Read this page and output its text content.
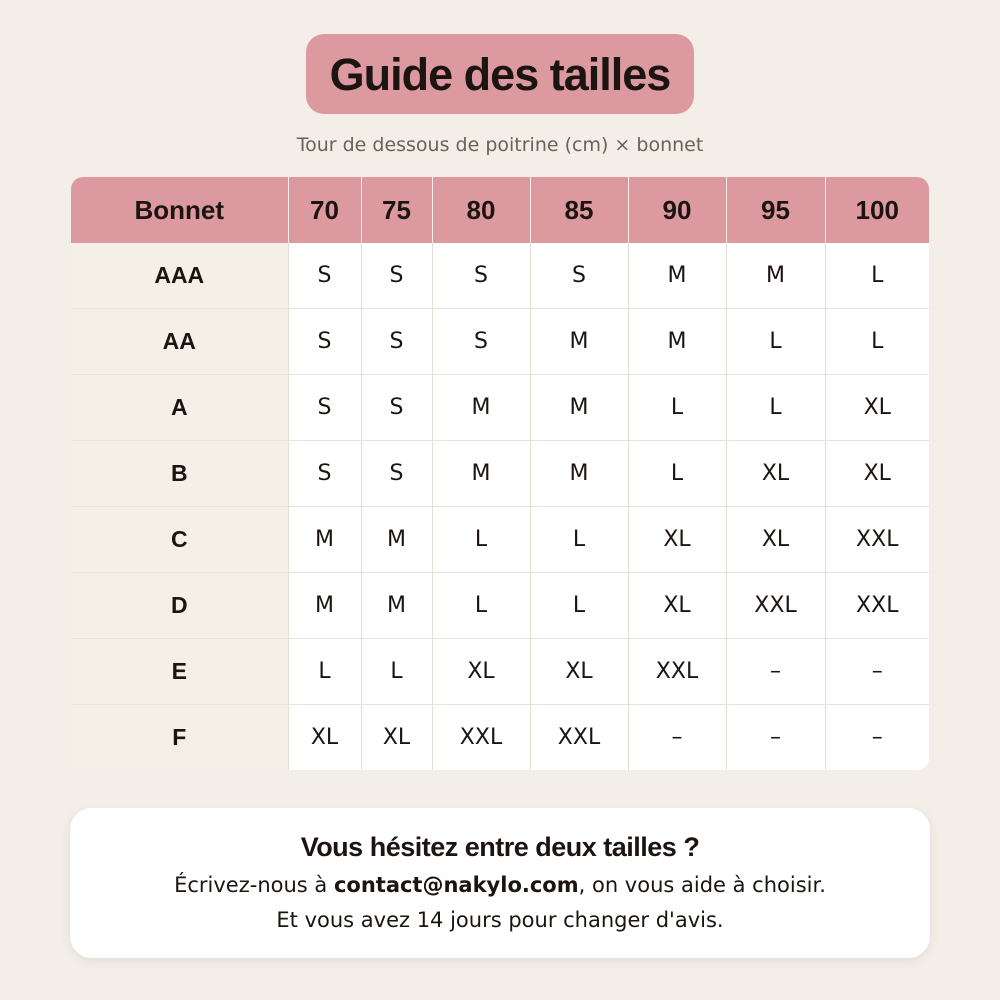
Guide des tailles
Tour de dessous de poitrine (cm) × bonnet
Bonnet	70	75	80	85	90	95	100
AAA	S	S	S	S	M	M	L
AA	S	S	S	M	M	L	L
A	S	S	M	M	L	L	XL
B	S	S	M	M	L	XL	XL
C	M	M	L	L	XL	XL	XXL
D	M	M	L	L	XL	XXL	XXL
E	L	L	XL	XL	XXL	–	–
F	XL	XL	XXL	XXL	–	–	–
Vous hésitez entre deux tailles ?
Écrivez-nous à contact@nakylo.com, on vous aide à choisir.
Et vous avez 14 jours pour changer d'avis.
